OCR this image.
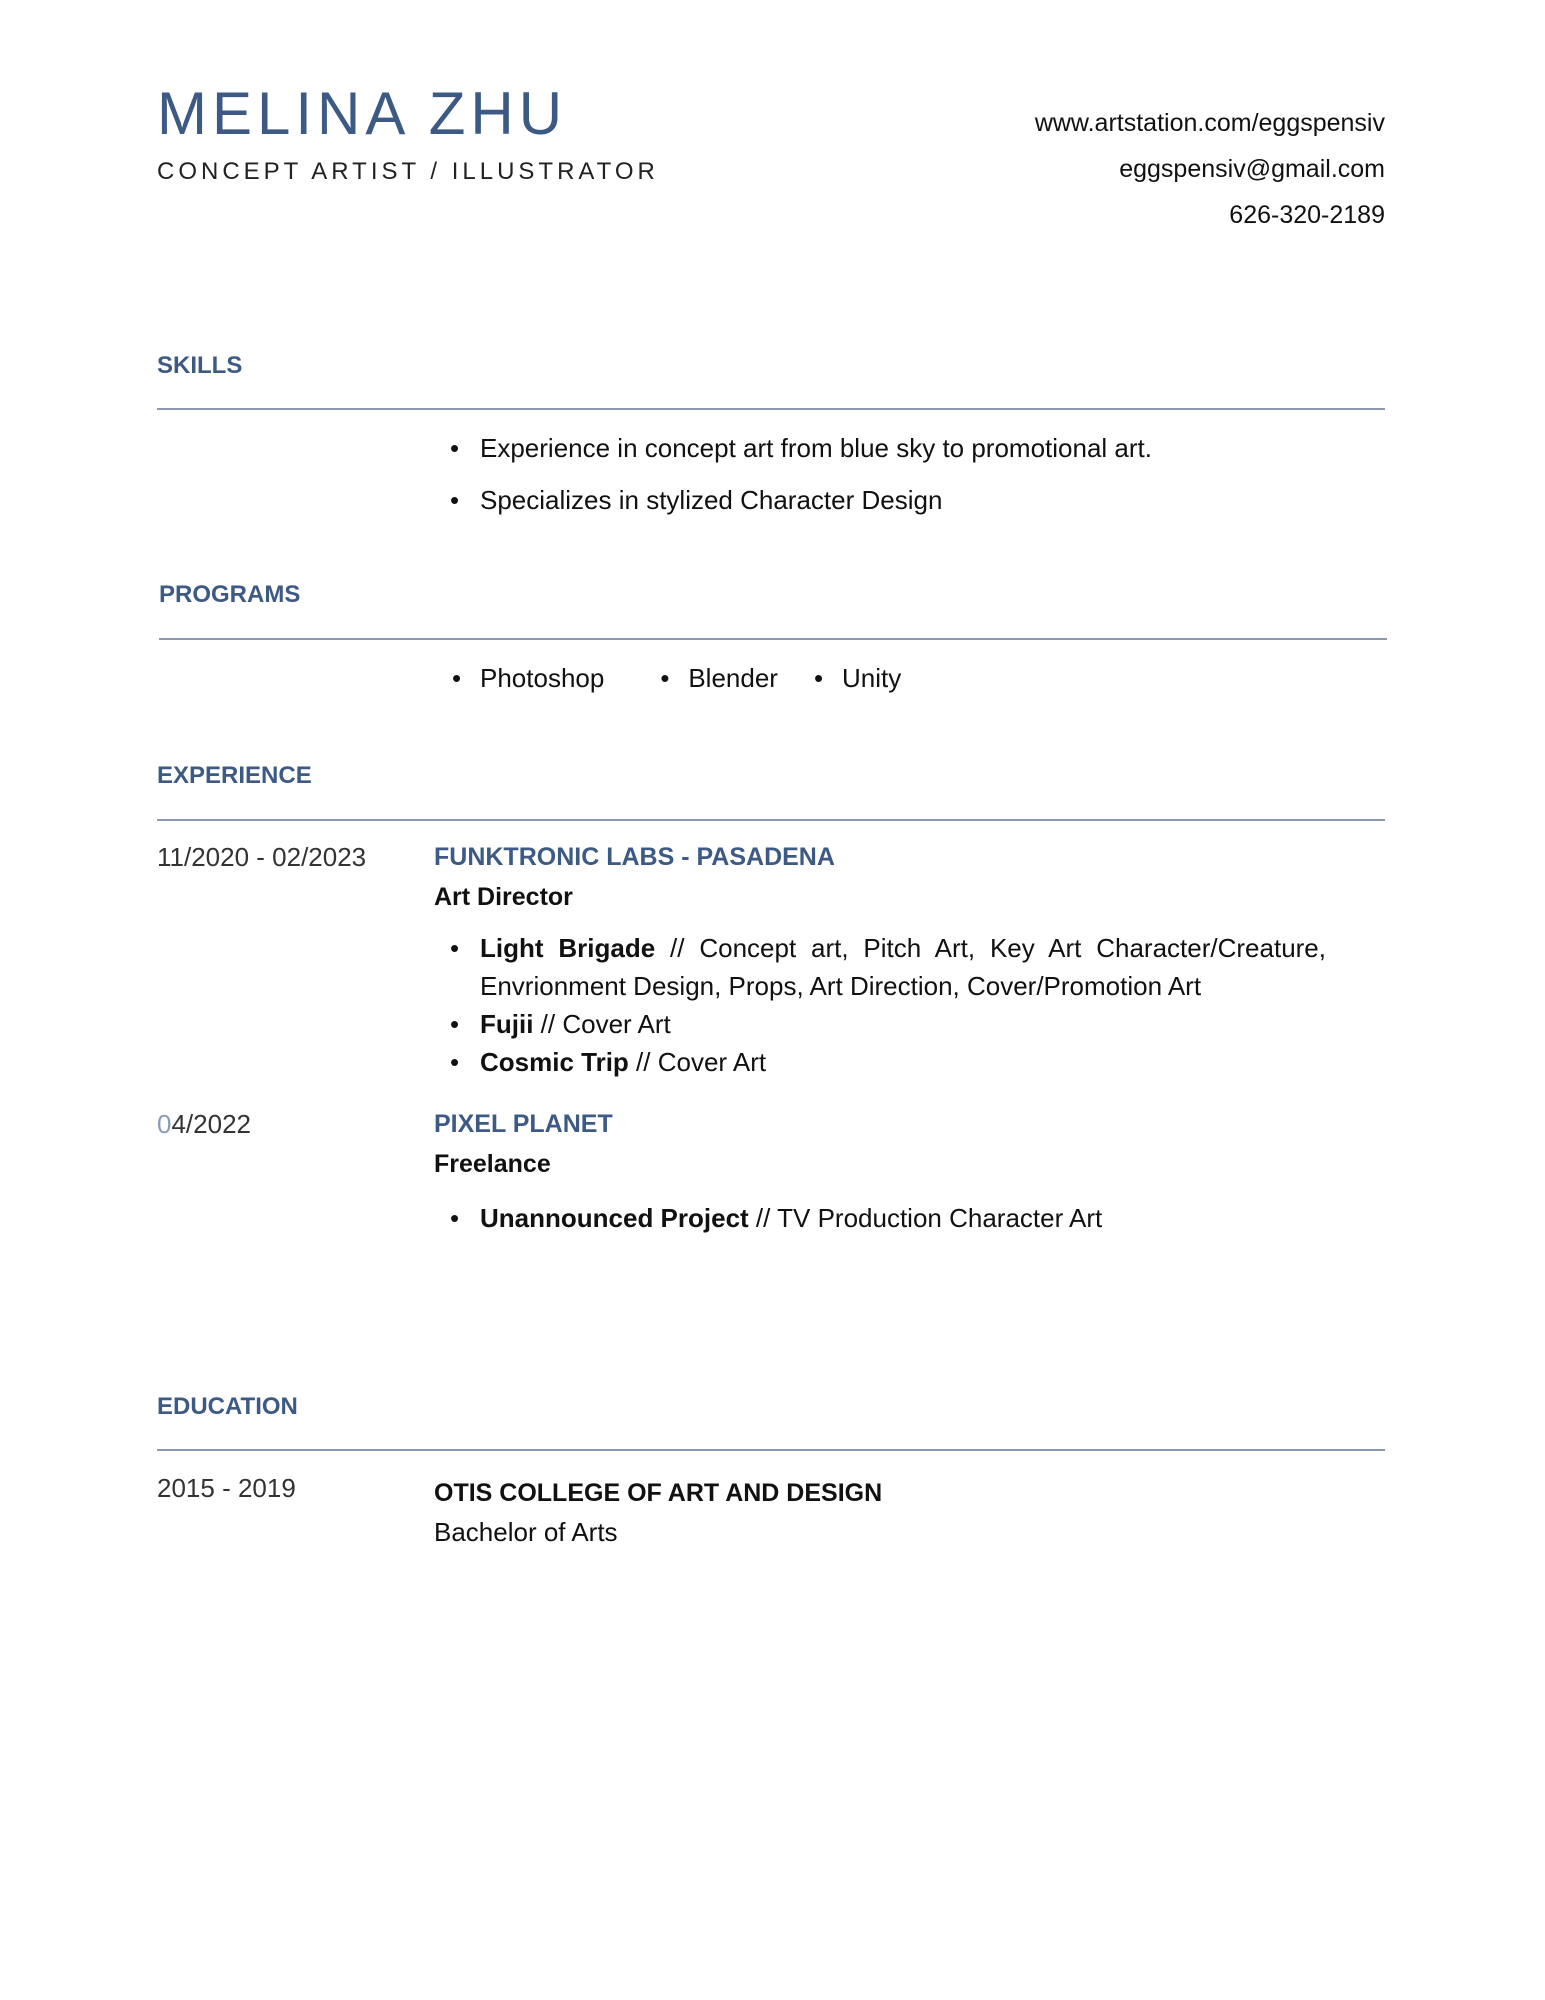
MELINA ZHU
CONCEPT ARTIST / ILLUSTRATOR
www.artstation.com/eggspensiv
eggspensiv@gmail.com
626-320-2189
SKILLS
• Experience in concept art from blue sky to promotional art.
• Specializes in stylized Character Design
PROGRAMS
• Photoshop	• Blender	• Unity
EXPERIENCE
11/2020 - 02/2023	FUNKTRONIC LABS - PASADENA
Art Director
• Light Brigade // Concept art, Pitch Art, Key Art Character/Creature, Envrionment Design, Props, Art Direction, Cover/Promotion Art
• Fujii // Cover Art
• Cosmic Trip // Cover Art
04/2022	PIXEL PLANET
Freelance
• Unannounced Project // TV Production Character Art
EDUCATION
2015 - 2019	OTIS COLLEGE OF ART AND DESIGN
Bachelor of Arts
